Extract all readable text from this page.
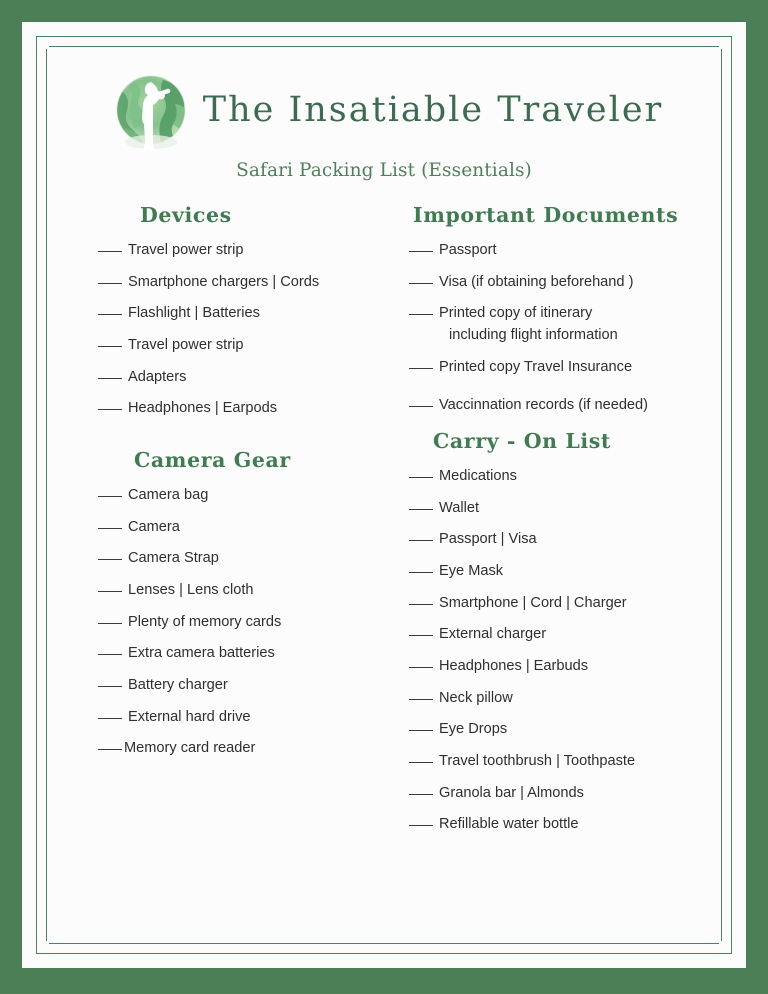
The Insatiable Traveler
Safari Packing List (Essentials)
Devices
Travel power strip
Smartphone chargers | Cords
Flashlight | Batteries
Travel power strip
Adapters
Headphones | Earpods
Camera Gear
Camera bag
Camera
Camera Strap
Lenses | Lens cloth
Plenty of memory cards
Extra camera batteries
Battery charger
External hard drive
Memory card reader
Important Documents
Passport
Visa (if obtaining beforehand )
Printed copy of itinerary
including flight information
Printed copy Travel Insurance
Vaccinnation records (if needed)
Carry - On List
Medications
Wallet
Passport | Visa
Eye Mask
Smartphone | Cord | Charger
External charger
Headphones | Earbuds
Neck pillow
Eye Drops
Travel toothbrush | Toothpaste
Granola bar | Almonds
Refillable water bottle
